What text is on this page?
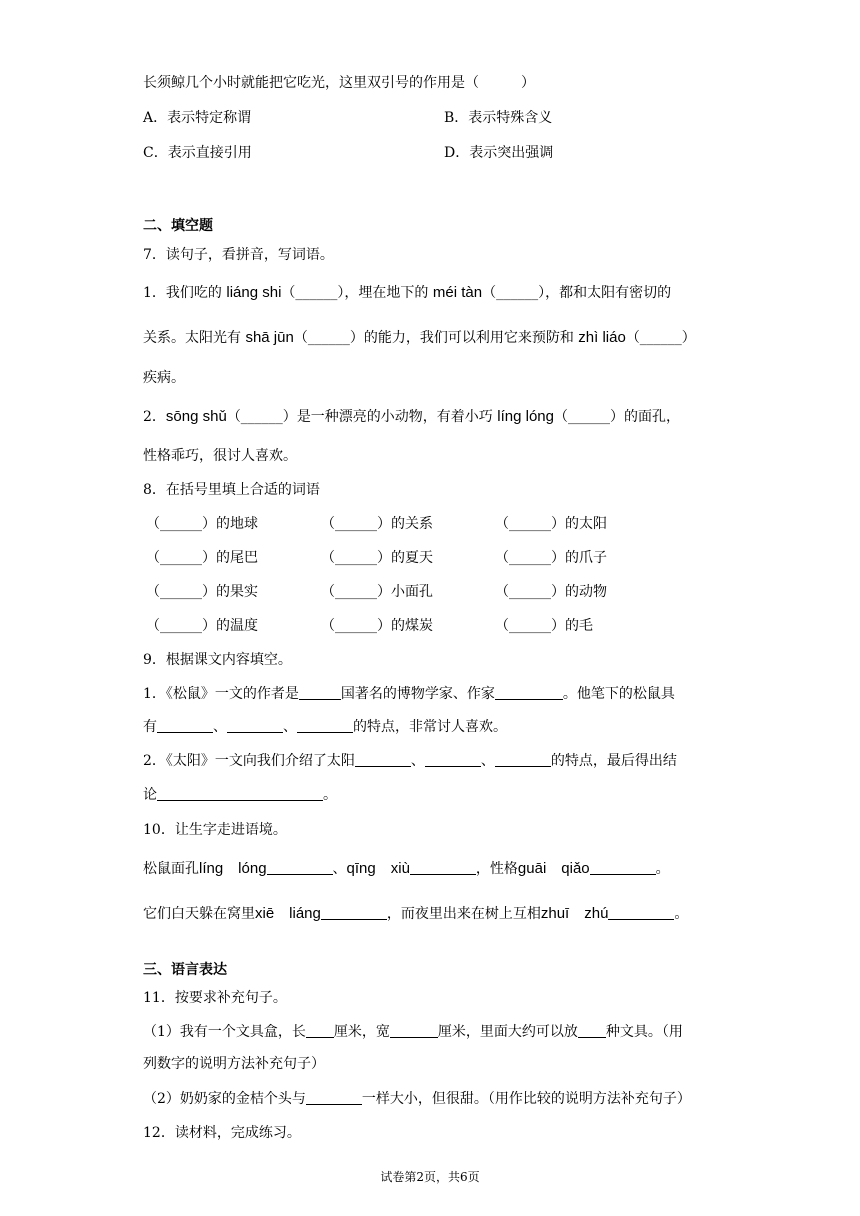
长须鲸几个小时就能把它吃光，这里双引号的作用是（　　　）
A．表示特定称谓	B．表示特殊含义
C．表示直接引用	D．表示突出强调
二、填空题
7．读句子，看拼音，写词语。
1．我们吃的 liáng shi（______），埋在地下的 méi tàn（______），都和太阳有密切的
关系。太阳光有 shā jūn（______）的能力，我们可以利用它来预防和 zhì liáo（______）
疾病。
2．sōng shǔ（______）是一种漂亮的小动物，有着小巧 líng lóng（______）的面孔，
性格乖巧，很讨人喜欢。
8．在括号里填上合适的词语
（______）的地球	（______）的关系	（______）的太阳
（______）的尾巴	（______）的夏天	（______）的爪子
（______）的果实	（______）小面孔	（______）的动物
（______）的温度	（______）的煤炭	（______）的毛
9．根据课文内容填空。
1．《松鼠》一文的作者是	国著名的博物学家、作家	。他笔下的松鼠具
有	、	、	的特点，非常讨人喜欢。
2．《太阳》一文向我们介绍了太阳	、	、	的特点，最后得出结
论	。
10．让生字走进语境。
松鼠面孔líng　lóng	、qīng　xiù	，性格guāi　qiǎo	。
它们白天躲在窝里xiē　liáng	，而夜里出来在树上互相zhuī　zhú	。
三、语言表达
11．按要求补充句子。
（1）我有一个文具盒，长 厘米，宽	厘米，里面大约可以放 种文具。（用
列数字的说明方法补充句子）
（2）奶奶家的金桔个头与	一样大小，但很甜。（用作比较的说明方法补充句子）
12．读材料，完成练习。
试卷第2页，共6页
